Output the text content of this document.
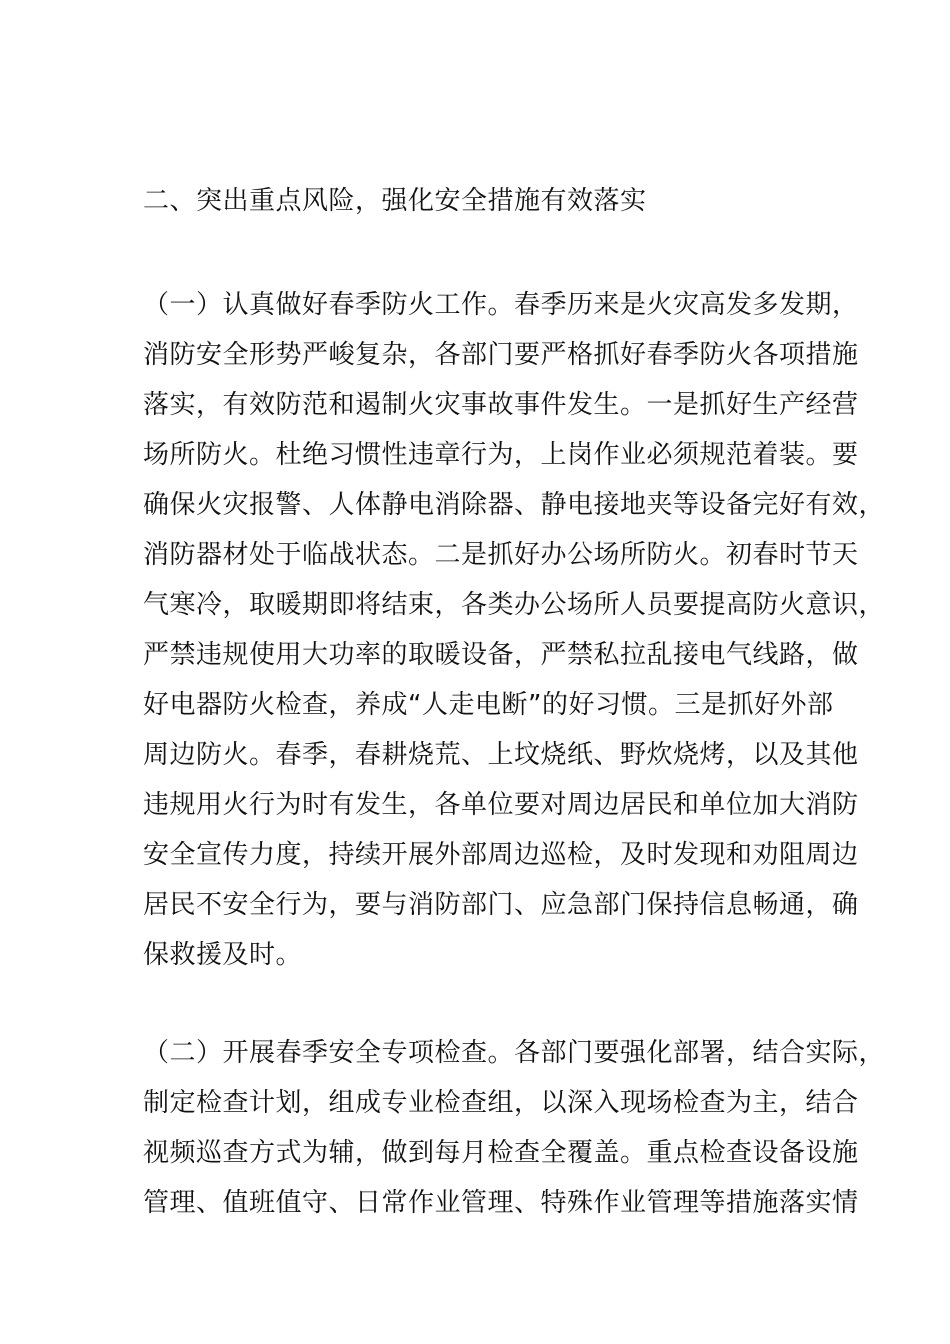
二、突出重点风险，强化安全措施有效落实
（一）认真做好春季防火工作。春季历来是火灾高发多发期，
消防安全形势严峻复杂，各部门要严格抓好春季防火各项措施
落实，有效防范和遏制火灾事故事件发生。一是抓好生产经营
场所防火。杜绝习惯性违章行为，上岗作业必须规范着装。要
确保火灾报警、人体静电消除器、静电接地夹等设备完好有效，
消防器材处于临战状态。二是抓好办公场所防火。初春时节天
气寒冷，取暖期即将结束，各类办公场所人员要提高防火意识，
严禁违规使用大功率的取暖设备，严禁私拉乱接电气线路，做
好电器防火检查，养成“人走电断”的好习惯。三是抓好外部
周边防火。春季，春耕烧荒、上坟烧纸、野炊烧烤，以及其他
违规用火行为时有发生，各单位要对周边居民和单位加大消防
安全宣传力度，持续开展外部周边巡检，及时发现和劝阻周边
居民不安全行为，要与消防部门、应急部门保持信息畅通，确
保救援及时。
（二）开展春季安全专项检查。各部门要强化部署，结合实际，
制定检查计划，组成专业检查组，以深入现场检查为主，结合
视频巡查方式为辅，做到每月检查全覆盖。重点检查设备设施
管理、值班值守、日常作业管理、特殊作业管理等措施落实情
